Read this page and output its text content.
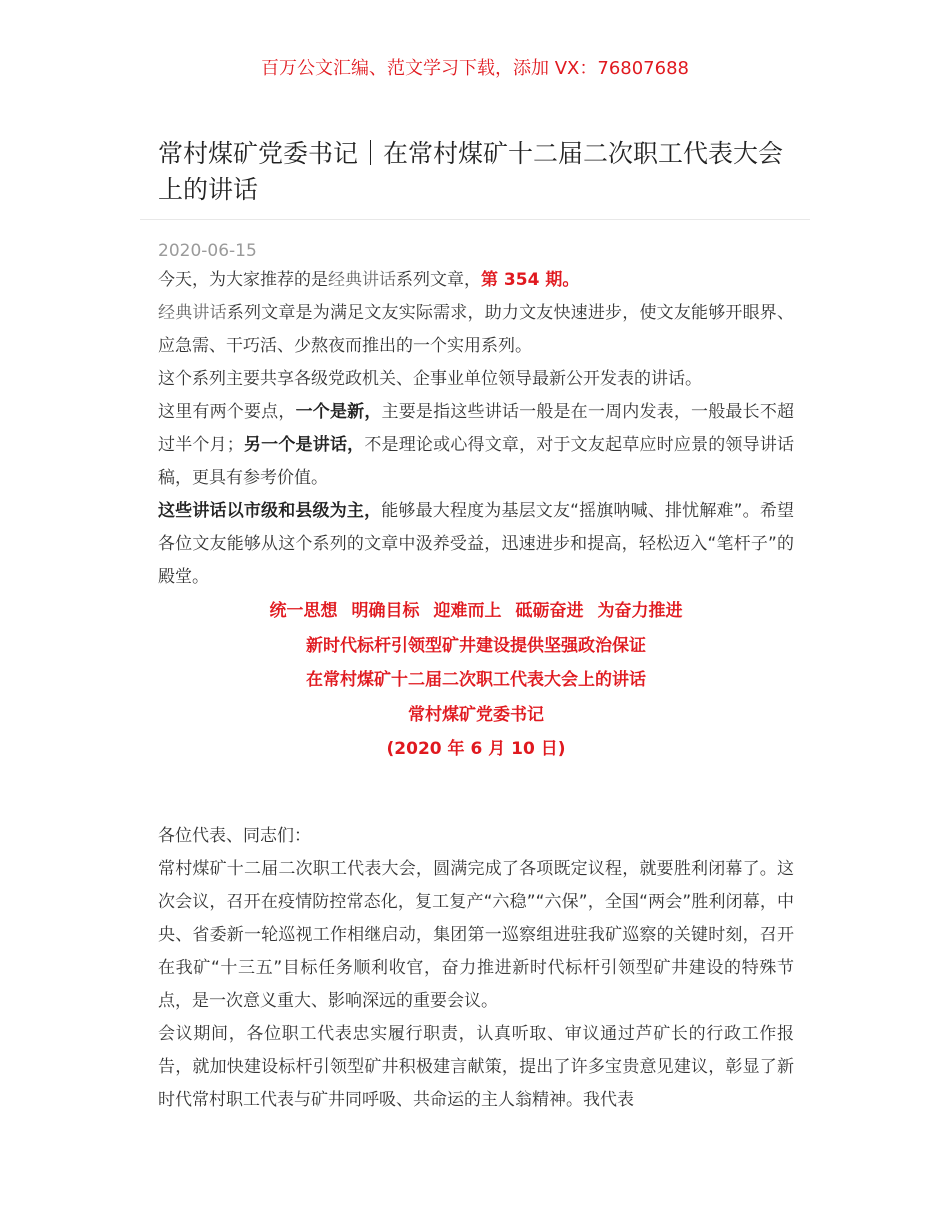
百万公文汇编、范文学习下载，添加 VX：76807688
常村煤矿党委书记｜在常村煤矿十二届二次职工代表大会上的讲话
2020-06-15

今天，为大家推荐的是经典讲话系列文章，第 354 期。

经典讲话系列文章是为满足文友实际需求，助力文友快速进步，使文友能够开眼界、应急需、干巧活、少熬夜而推出的一个实用系列。

这个系列主要共享各级党政机关、企事业单位领导最新公开发表的讲话。

这里有两个要点，一个是新，主要是指这些讲话一般是在一周内发表，一般最长不超过半个月；另一个是讲话，不是理论或心得文章，对于文友起草应时应景的领导讲话稿，更具有参考价值。

这些讲话以市级和县级为主，能够最大程度为基层文友“摇旗呐喊、排忧解难”。希望各位文友能够从这个系列的文章中汲养受益，迅速进步和提高，轻松迈入“笔杆子”的殿堂。

统一思想 明确目标 迎难而上 砥砺奋进 为奋力推进

新时代标杆引领型矿井建设提供坚强政治保证

在常村煤矿十二届二次职工代表大会上的讲话

常村煤矿党委书记

(2020 年 6 月 10 日)

各位代表、同志们：

常村煤矿十二届二次职工代表大会，圆满完成了各项既定议程，就要胜利闭幕了。这次会议，召开在疫情防控常态化，复工复产“六稳”“六保”，全国“两会”胜利闭幕，中央、省委新一轮巡视工作相继启动，集团第一巡察组进驻我矿巡察的关键时刻，召开在我矿“十三五”目标任务顺利收官，奋力推进新时代标杆引领型矿井建设的特殊节点，是一次意义重大、影响深远的重要会议。

会议期间，各位职工代表忠实履行职责，认真听取、审议通过芦矿长的行政工作报告，就加快建设标杆引领型矿井积极建言献策，提出了许多宝贵意见建议，彰显了新时代常村职工代表与矿井同呼吸、共命运的主人翁精神。我代表
